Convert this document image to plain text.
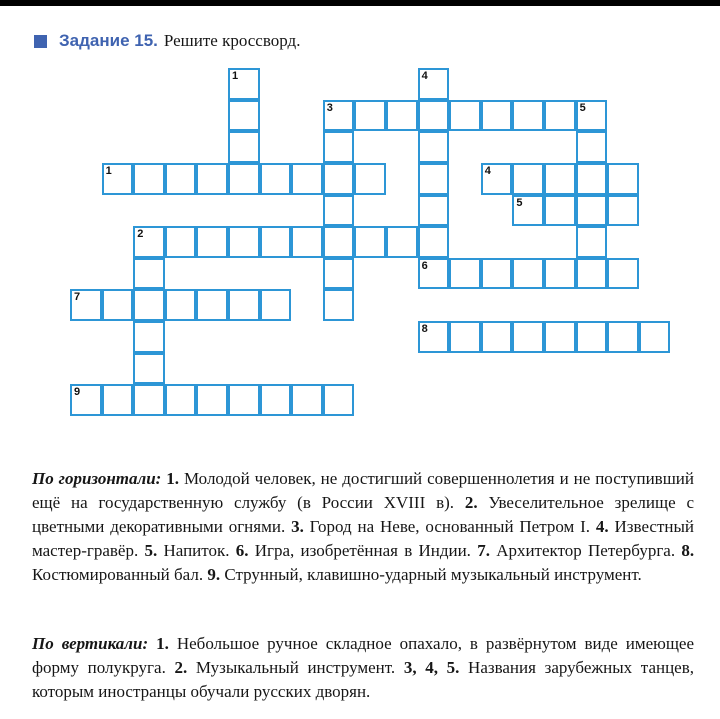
Задание 15. Решите кроссворд.
1
2
3
4
5
6
7
8
9
1	4
5

По горизонтали: 1. Молодой человек, не достигший совершеннолетия и не поступивший ещё на государственную службу (в России XVIII в). 2. Увеселительное зрелище с цветными декоративными огнями. 3. Город на Неве, основанный Петром I. 4. Известный мастер-гравёр. 5. Напиток. 6. Игра, изобретённая в Индии. 7. Архитектор Петербурга. 8. Костюмированный бал. 9. Струнный, клавишно-ударный музыкальный инструмент.

По вертикали: 1. Небольшое ручное складное опахало, в развёрнутом виде имеющее форму полукруга. 2. Музыкальный инструмент. 3, 4, 5. Названия зарубежных танцев, которым иностранцы обучали русских дворян.
